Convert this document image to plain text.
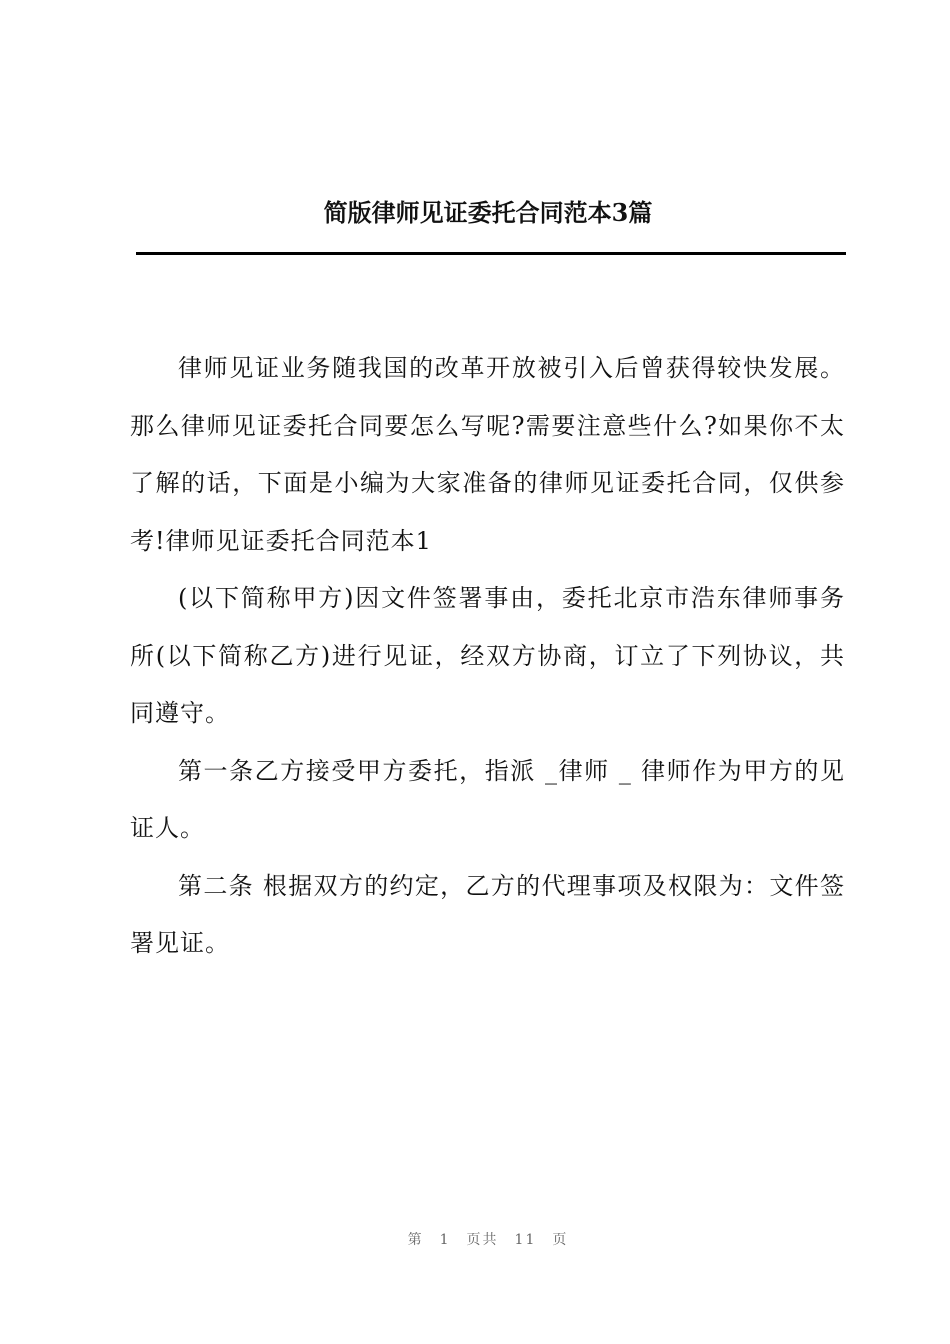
简版律师见证委托合同范本3篇

律师见证业务随我国的改革开放被引入后曾获得较快发展。那么律师见证委托合同要怎么写呢?需要注意些什么?如果你不太了解的话，下面是小编为大家准备的律师见证委托合同，仅供参考!律师见证委托合同范本1

(以下简称甲方)因文件签署事由，委托北京市浩东律师事务所(以下简称乙方)进行见证，经双方协商，订立了下列协议，共同遵守。

第一条乙方接受甲方委托，指派 _律师 _ 律师作为甲方的见证人。

第二条 根据双方的约定，乙方的代理事项及权限为：文件签署见证。

第 1 页共 11 页
